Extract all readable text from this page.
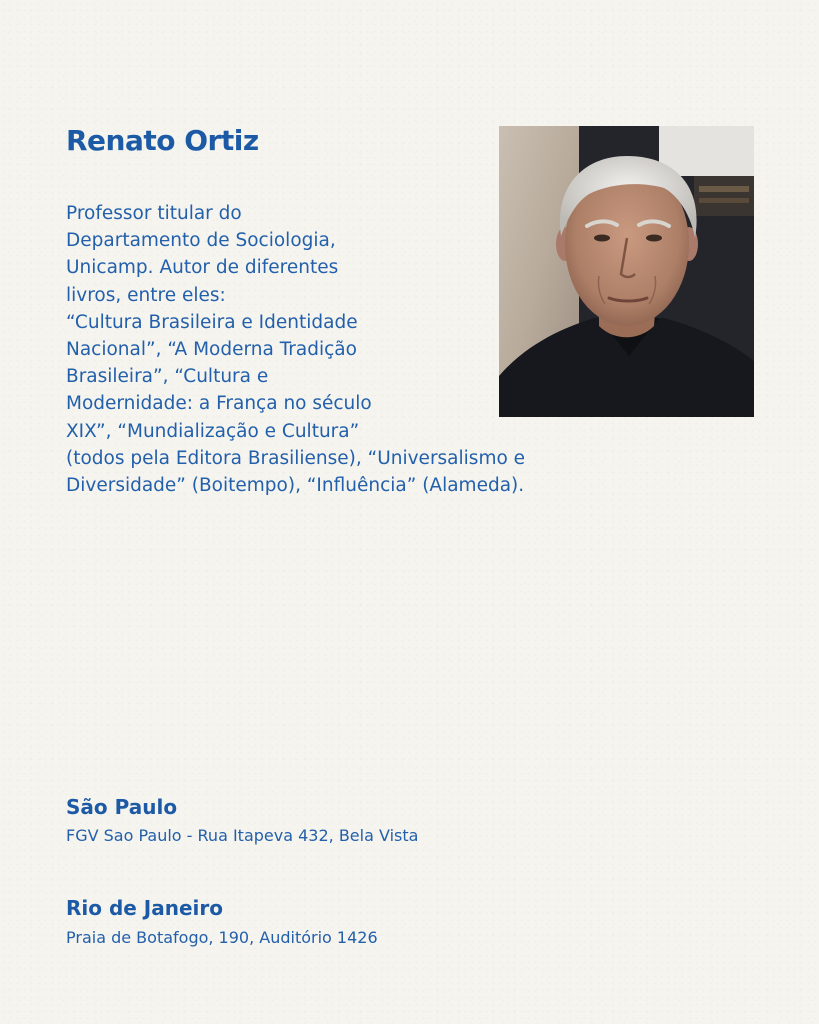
Renato Ortiz

Professor titular do
Departamento de Sociologia,
Unicamp. Autor de diferentes
livros, entre eles:
“Cultura Brasileira e Identidade
Nacional”, “A Moderna Tradição
Brasileira”, “Cultura e
Modernidade: a França no século
XIX”, “Mundialização e Cultura”
(todos pela Editora Brasiliense), “Universalismo e
Diversidade” (Boitempo), “Influência” (Alameda).

São Paulo

FGV Sao Paulo - Rua Itapeva 432, Bela Vista

Rio de Janeiro

Praia de Botafogo, 190, Auditório 1426
